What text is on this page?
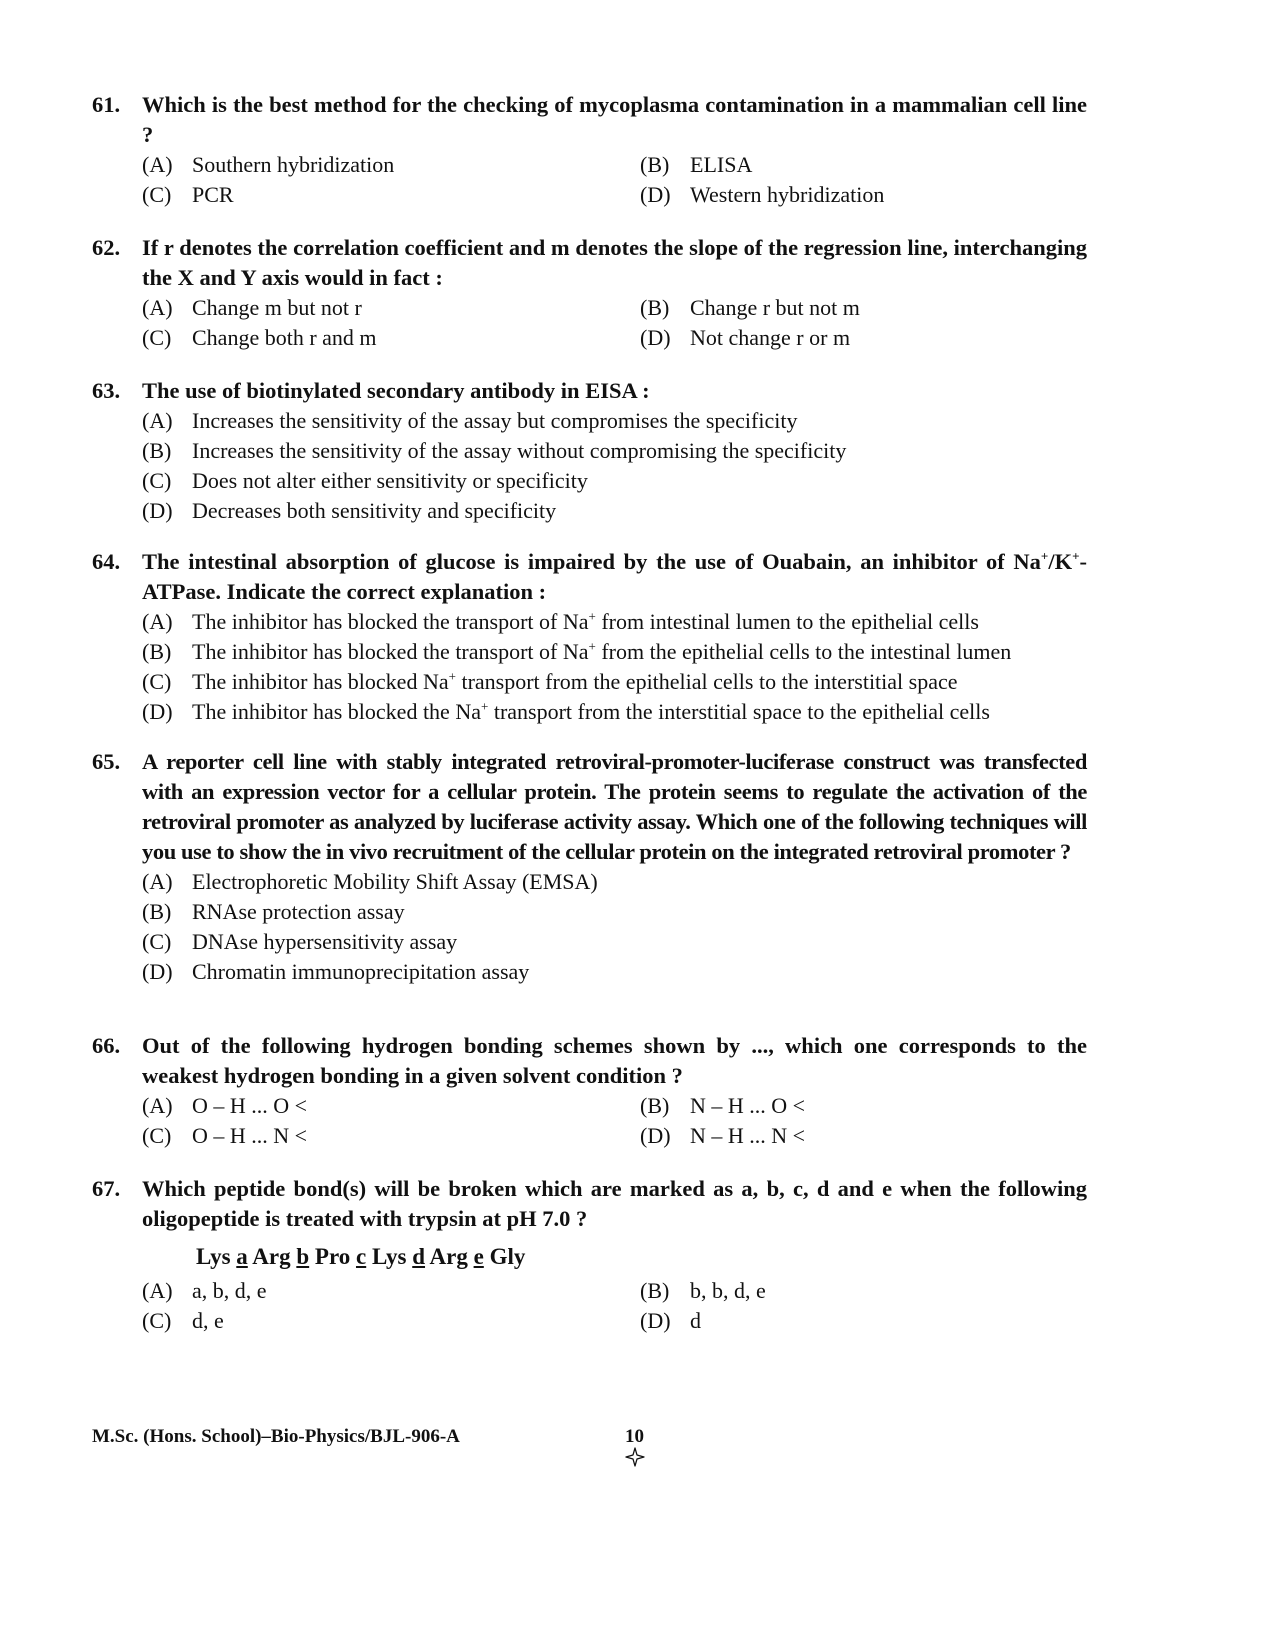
61. Which is the best method for the checking of mycoplasma contamination in a mammalian cell line ?
(A) Southern hybridization	(B) ELISA
(C) PCR	(D) Western hybridization
62. If r denotes the correlation coefficient and m denotes the slope of the regression line, interchanging the X and Y axis would in fact :
(A) Change m but not r	(B) Change r but not m
(C) Change both r and m	(D) Not change r or m
63. The use of biotinylated secondary antibody in EISA :
(A) Increases the sensitivity of the assay but compromises the specificity
(B) Increases the sensitivity of the assay without compromising the specificity
(C) Does not alter either sensitivity or specificity
(D) Decreases both sensitivity and specificity
64. The intestinal absorption of glucose is impaired by the use of Ouabain, an inhibitor of Na+/K+-ATPase. Indicate the correct explanation :
(A) The inhibitor has blocked the transport of Na+ from intestinal lumen to the epithelial cells
(B) The inhibitor has blocked the transport of Na+ from the epithelial cells to the intestinal lumen
(C) The inhibitor has blocked Na+ transport from the epithelial cells to the interstitial space
(D) The inhibitor has blocked the Na+ transport from the interstitial space to the epithelial cells
65. A reporter cell line with stably integrated retroviral-promoter-luciferase construct was transfected with an expression vector for a cellular protein. The protein seems to regulate the activation of the retroviral promoter as analyzed by luciferase activity assay. Which one of the following techniques will you use to show the in vivo recruitment of the cellular protein on the integrated retroviral promoter ?
(A) Electrophoretic Mobility Shift Assay (EMSA)
(B) RNAse protection assay
(C) DNAse hypersensitivity assay
(D) Chromatin immunoprecipitation assay
66. Out of the following hydrogen bonding schemes shown by ..., which one corresponds to the weakest hydrogen bonding in a given solvent condition ?
(A) O – H ... O <	(B) N – H ... O <
(C) O – H ... N <	(D) N – H ... N <
67. Which peptide bond(s) will be broken which are marked as a, b, c, d and e when the following oligopeptide is treated with trypsin at pH 7.0 ?
Lys a Arg b Pro c Lys d Arg e Gly
(A) a, b, d, e	(B) b, b, d, e
(C) d, e	(D) d
M.Sc. (Hons. School)–Bio-Physics/BJL-906-A	10
